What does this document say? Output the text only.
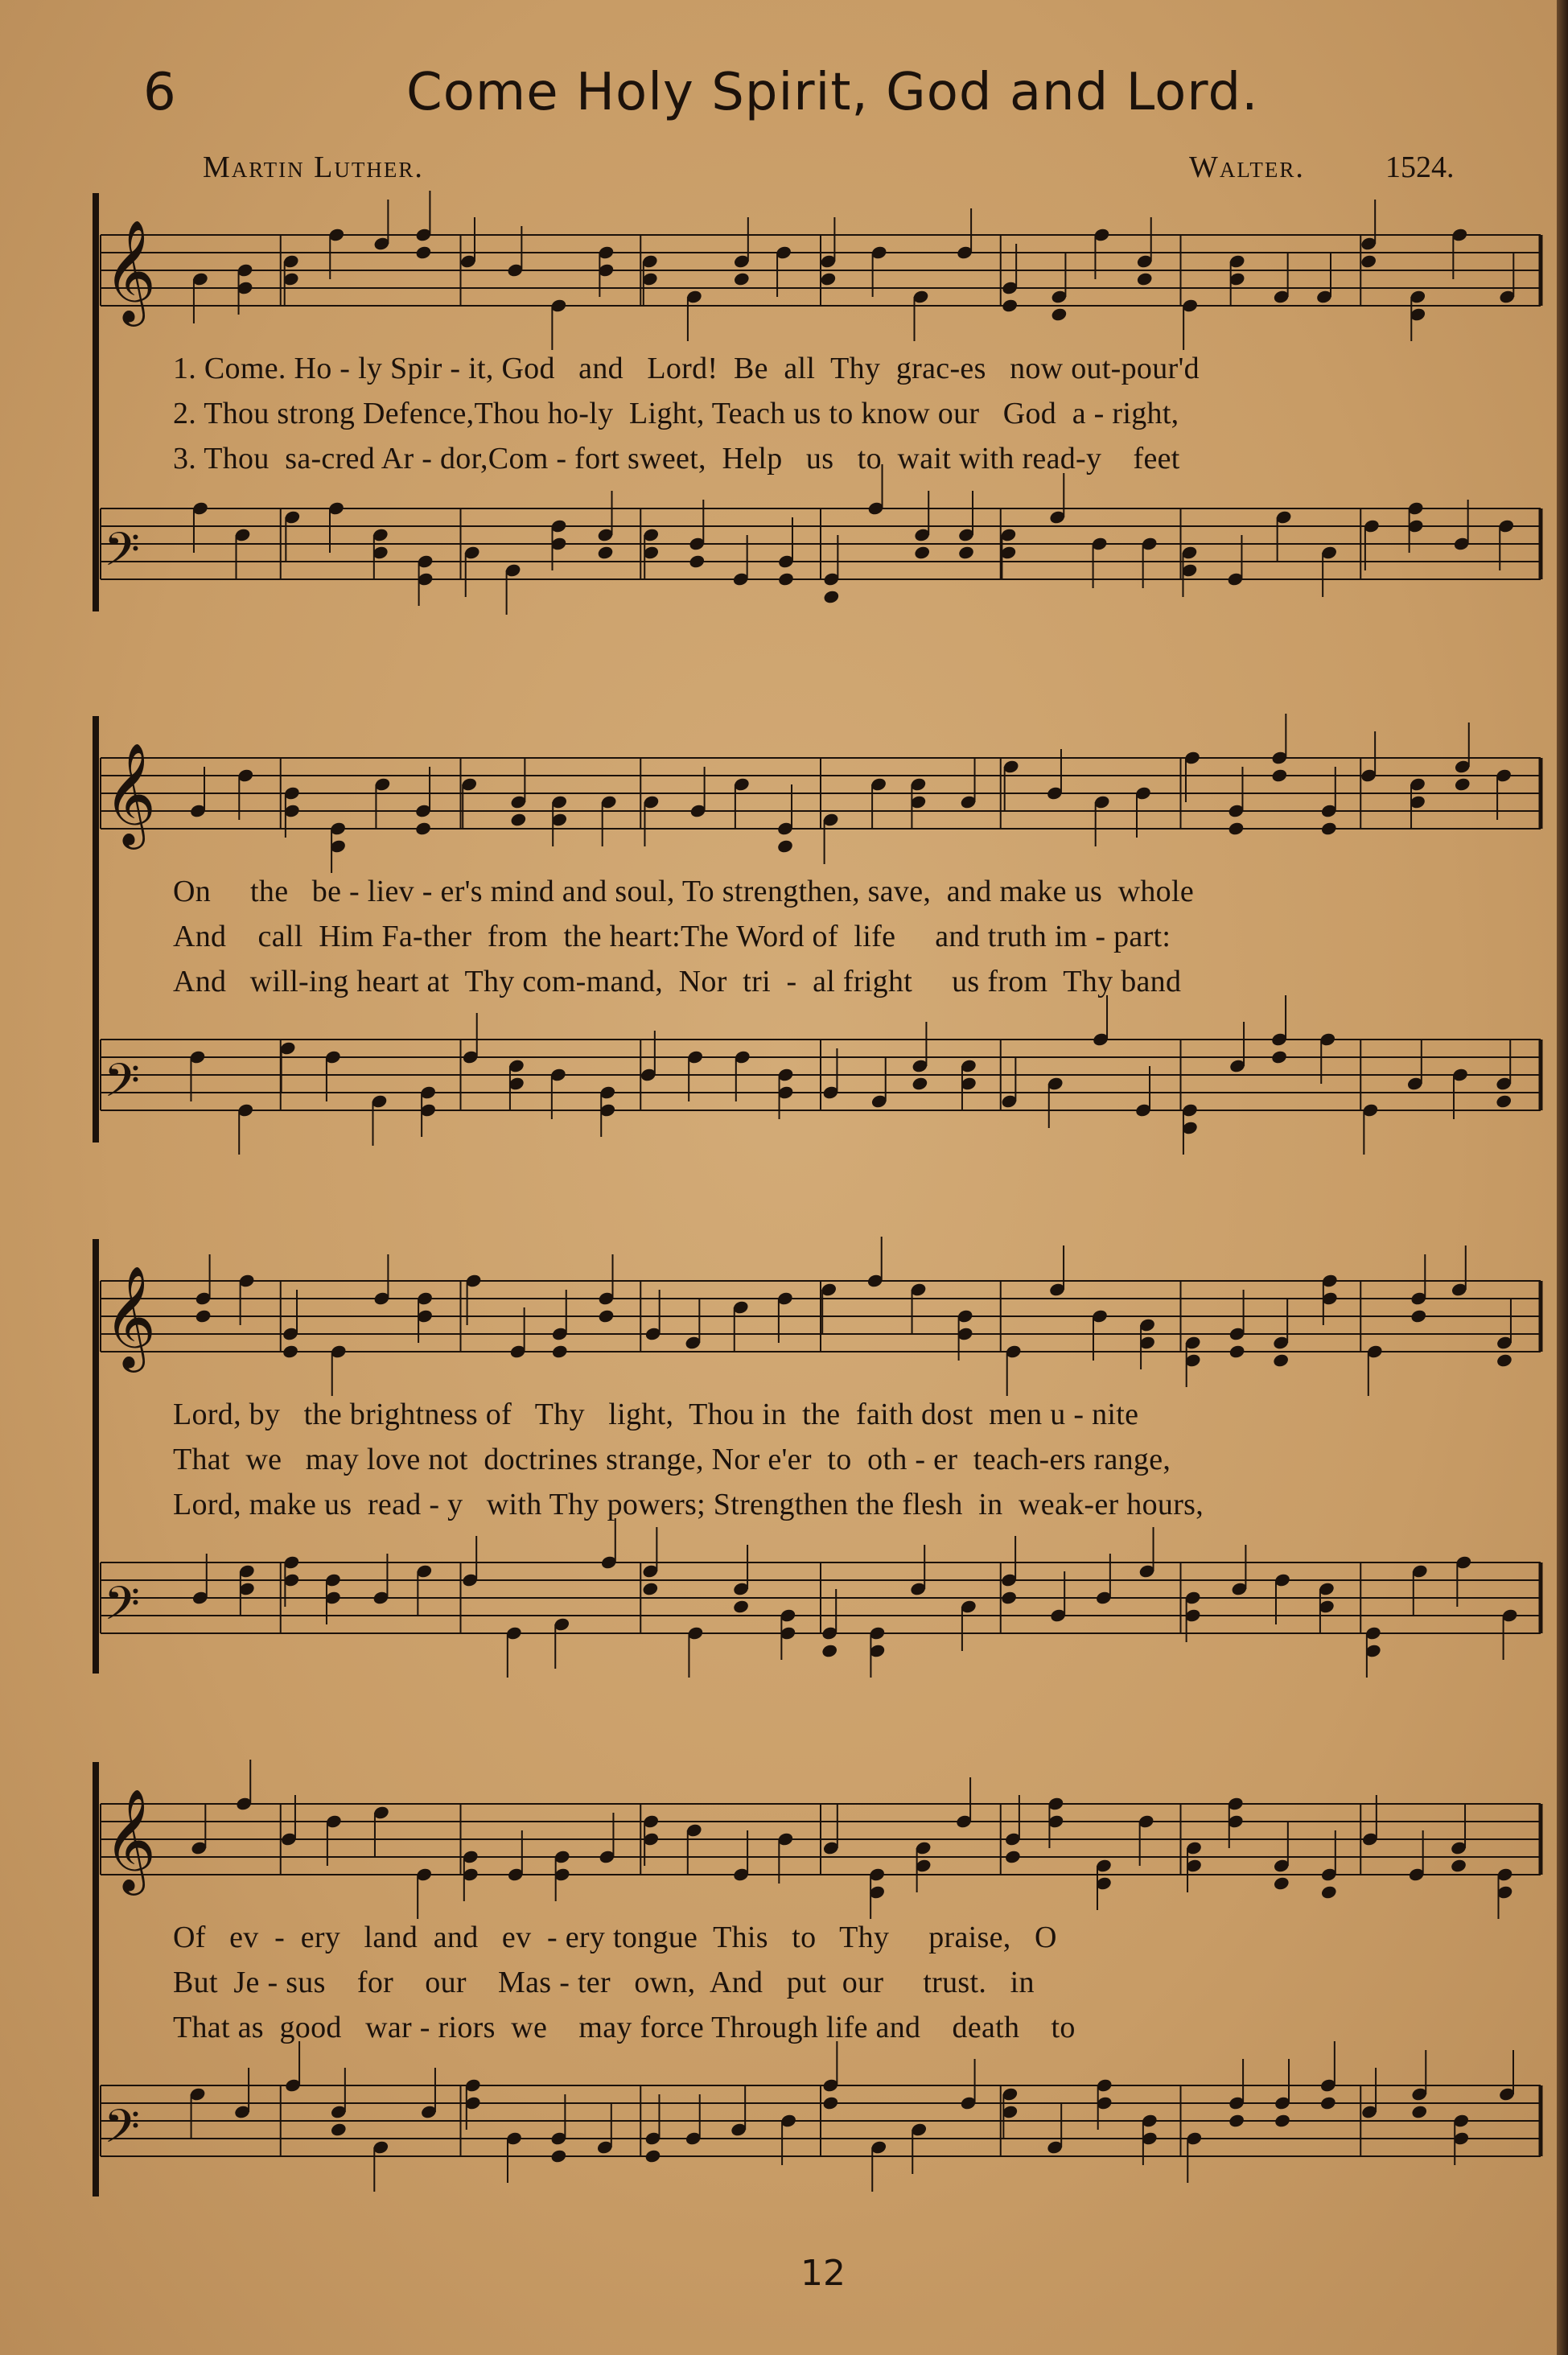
6	Come Holy Spirit, God and Lord.
Martin Luther.	Walter.	1524.
𝄞
1. Come. Ho - ly Spir - it, God   and   Lord!  Be  all  Thy  grac-es   now out-pour'd
2. Thou strong Defence,Thou ho-ly  Light, Teach us to know our   God  a - right,
3. Thou  sa-cred Ar - dor,Com - fort sweet,  Help   us   to  wait with read-y    feet
𝄢
𝄞
On     the   be - liev - er's mind and soul, To strengthen, save,  and make us  whole
And    call  Him Fa-ther  from  the heart:The Word of  life     and truth im - part:
And   will-ing heart at  Thy com-mand,  Nor  tri  -  al fright     us from  Thy band
𝄢
𝄞
Lord, by   the brightness of   Thy   light,  Thou in  the  faith dost  men u - nite
That  we   may love not  doctrines strange, Nor e'er  to  oth - er  teach-ers range,
Lord, make us  read - y   with Thy powers; Strengthen the flesh  in  weak-er hours,
𝄢
𝄞
Of   ev  -  ery   land  and   ev  - ery tongue  This   to   Thy     praise,   O
But  Je - sus    for    our    Mas - ter   own,  And   put  our     trust.   in
That as  good   war - riors  we    may force Through life and    death    to
𝄢
12
